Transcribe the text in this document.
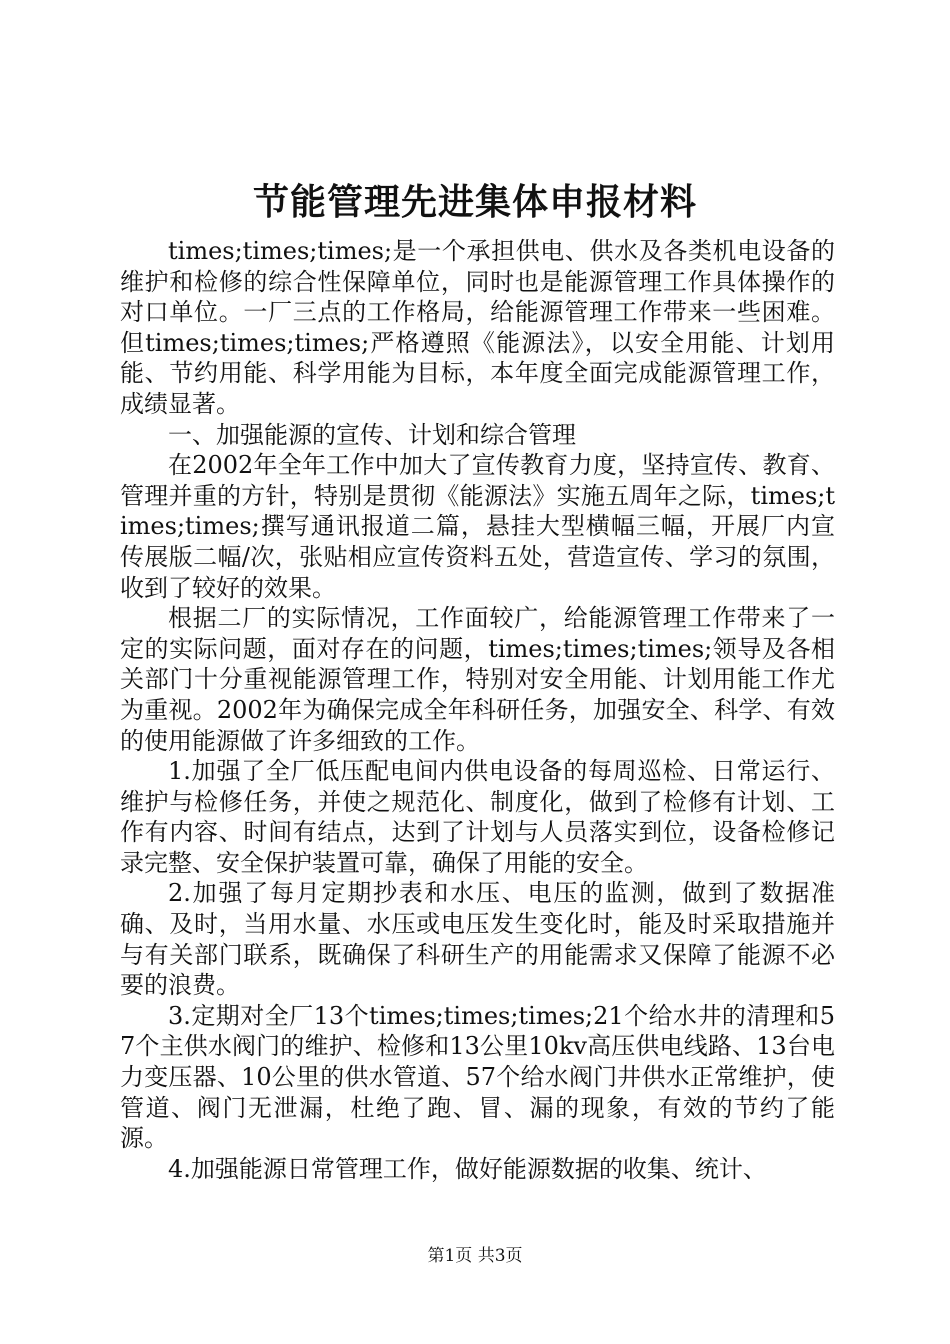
节能管理先进集体申报材料

times;times;times;是一个承担供电、供水及各类机电设备的维护和检修的综合性保障单位，同时也是能源管理工作具体操作的对口单位。一厂三点的工作格局，给能源管理工作带来一些困难。但times;times;times;严格遵照《能源法》，以安全用能、计划用能、节约用能、科学用能为目标，本年度全面完成能源管理工作，成绩显著。

一、加强能源的宣传、计划和综合管理

在2002年全年工作中加大了宣传教育力度，坚持宣传、教育、管理并重的方针，特别是贯彻《能源法》实施五周年之际，times;times;times;撰写通讯报道二篇，悬挂大型横幅三幅，开展厂内宣传展版二幅/次，张贴相应宣传资料五处，营造宣传、学习的氛围，收到了较好的效果。

根据二厂的实际情况，工作面较广，给能源管理工作带来了一定的实际问题，面对存在的问题，times;times;times;领导及各相关部门十分重视能源管理工作，特别对安全用能、计划用能工作尤为重视。2002年为确保完成全年科研任务，加强安全、科学、有效的使用能源做了许多细致的工作。

1.加强了全厂低压配电间内供电设备的每周巡检、日常运行、维护与检修任务，并使之规范化、制度化，做到了检修有计划、工作有内容、时间有结点，达到了计划与人员落实到位，设备检修记录完整、安全保护装置可靠，确保了用能的安全。

2.加强了每月定期抄表和水压、电压的监测，做到了数据准确、及时，当用水量、水压或电压发生变化时，能及时采取措施并与有关部门联系，既确保了科研生产的用能需求又保障了能源不必要的浪费。

3.定期对全厂13个times;times;times;21个给水井的清理和57个主供水阀门的维护、检修和13公里10kv高压供电线路、13台电力变压器、10公里的供水管道、57个给水阀门井供水正常维护，使管道、阀门无泄漏，杜绝了跑、冒、漏的现象，有效的节约了能源。

4.加强能源日常管理工作，做好能源数据的收集、统计、

第1页 共3页
